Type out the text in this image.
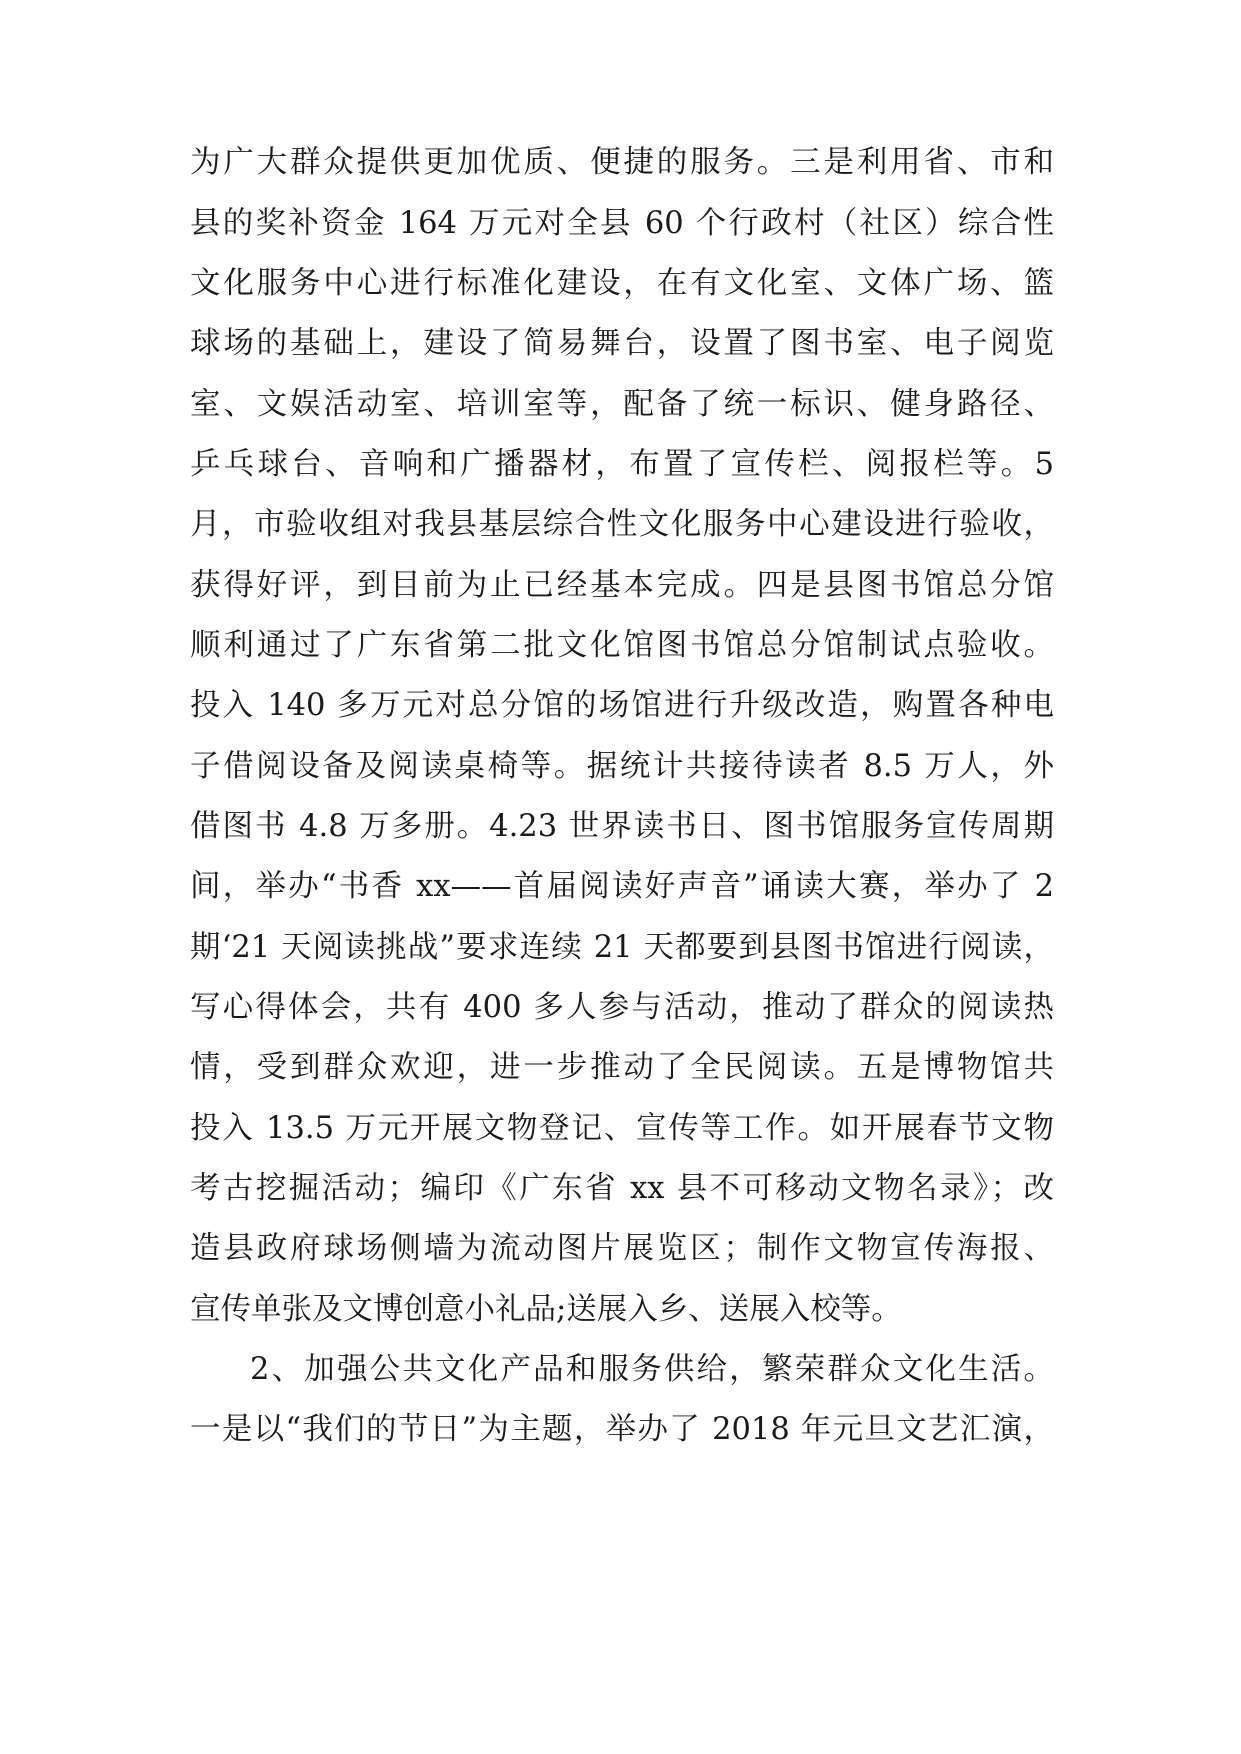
为广大群众提供更加优质、便捷的服务。三是利用省、市和
县的奖补资金 164 万元对全县 60 个行政村（社区）综合性
文化服务中心进行标准化建设，在有文化室、文体广场、篮
球场的基础上，建设了简易舞台，设置了图书室、电子阅览
室、文娱活动室、培训室等，配备了统一标识、健身路径、
乒乓球台、音响和广播器材，布置了宣传栏、阅报栏等。5
月，市验收组对我县基层综合性文化服务中心建设进行验收，
获得好评，到目前为止已经基本完成。四是县图书馆总分馆
顺利通过了广东省第二批文化馆图书馆总分馆制试点验收。
投入 140 多万元对总分馆的场馆进行升级改造，购置各种电
子借阅设备及阅读桌椅等。据统计共接待读者 8.5 万人，外
借图书 4.8 万多册。4.23 世界读书日、图书馆服务宣传周期
间，举办“书香 xx——首届阅读好声音”诵读大赛，举办了 2
期‘21 天阅读挑战”要求连续 21 天都要到县图书馆进行阅读，
写心得体会，共有 400 多人参与活动，推动了群众的阅读热
情，受到群众欢迎，进一步推动了全民阅读。五是博物馆共
投入 13.5 万元开展文物登记、宣传等工作。如开展春节文物
考古挖掘活动；编印《广东省 xx 县不可移动文物名录》；改
造县政府球场侧墙为流动图片展览区；制作文物宣传海报、
宣传单张及文博创意小礼品;送展入乡、送展入校等。
2、加强公共文化产品和服务供给，繁荣群众文化生活。
一是以“我们的节日”为主题，举办了 2018 年元旦文艺汇演，
